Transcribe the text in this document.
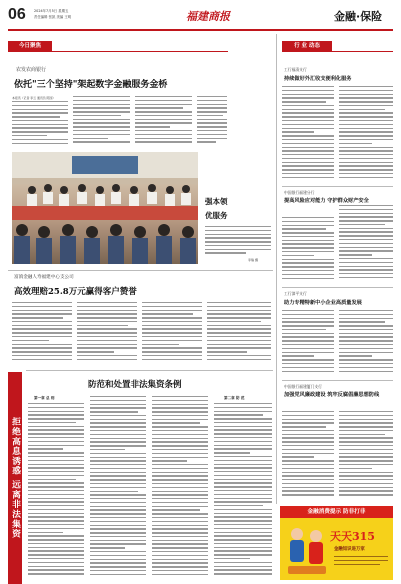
06 2024年7月5日 星期五
责任编辑 张凯 美编 王明	福建商报	金融·保险
今日聚焦
农发农商银行
依托"三个坚持"架起数字金融服务金桥
本报讯（记者 李云 通讯员 陈园）
强本领
优服务
李瑞 摄
富滇金融人寿福建中心支公司
高效理赔25.8万元赢得客户赞誉
拒绝高息诱惑 远离非法集资
防范和处置非法集资条例
第一章 总 则	第二章 防 范
行 业 动态
工行福清支行
持续做好外汇收支便利化服务
中国银行福建分行
提高风险应对能力 守护群众财产安全
工行漳平支行
助力专精特新中小企业高质量发展
中国银行福建厦门支行
加强党风廉政建设 筑牢反腐倡廉思想防线
金融消费提示 防非打非
天天315
金融知识进万家
